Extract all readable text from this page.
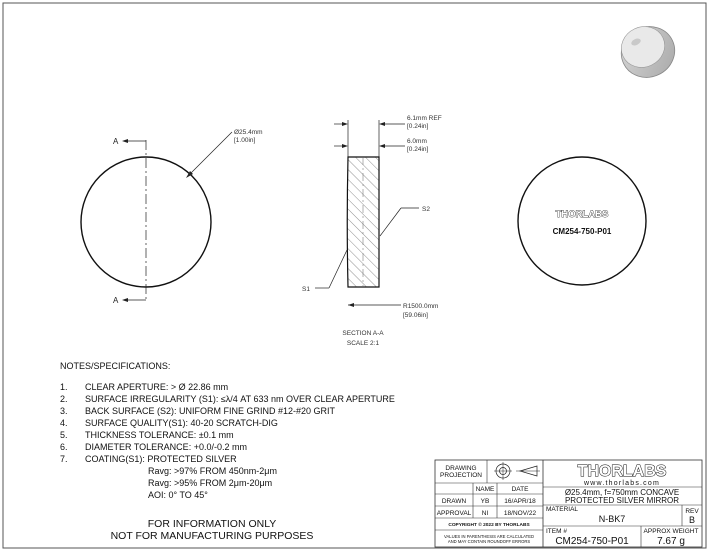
A
A
Ø25.4mm
[1.00in]
6.1mm REF
[0.24in]
6.0mm
[0.24in]
S2
S1
R1500.0mm
[59.06in]
SECTION A-A
SCALE 2:1
THORLABS
CM254-750-P01
NOTES/SPECIFICATIONS:
1. CLEAR APERTURE: > Ø 22.86 mm
2. SURFACE IRREGULARITY (S1): ≤λ/4 AT 633 nm OVER CLEAR APERTURE
3. BACK SURFACE (S2): UNIFORM FINE GRIND #12-#20 GRIT
4. SURFACE QUALITY(S1): 40-20 SCRATCH-DIG
5. THICKNESS TOLERANCE: ±0.1 mm
6. DIAMETER TOLERANCE: +0.0/-0.2 mm
7. COATING(S1): PROTECTED SILVER
Ravg: >97% FROM 450nm-2μm
Ravg: >95% FROM 2μm-20μm
AOI: 0° TO 45°
FOR INFORMATION ONLY
NOT FOR MANUFACTURING PURPOSES
DRAWING
PROJECTION
NAME	DATE
DRAWN YB 16/APR/18
APPROVAL NI 18/NOV/22
COPYRIGHT © 2022 BY THORLABS
VALUES IN PARENTHESIS ARE CALCULATED
AND MAY CONTAIN ROUNDOFF ERRORS
THORLABS
www.thorlabs.com
Ø25.4mm, f=750mm CONCAVE
PROTECTED SILVER MIRROR
MATERIAL
N-BK7
REV
B
ITEM #
CM254-750-P01
APPROX WEIGHT
7.67 g
